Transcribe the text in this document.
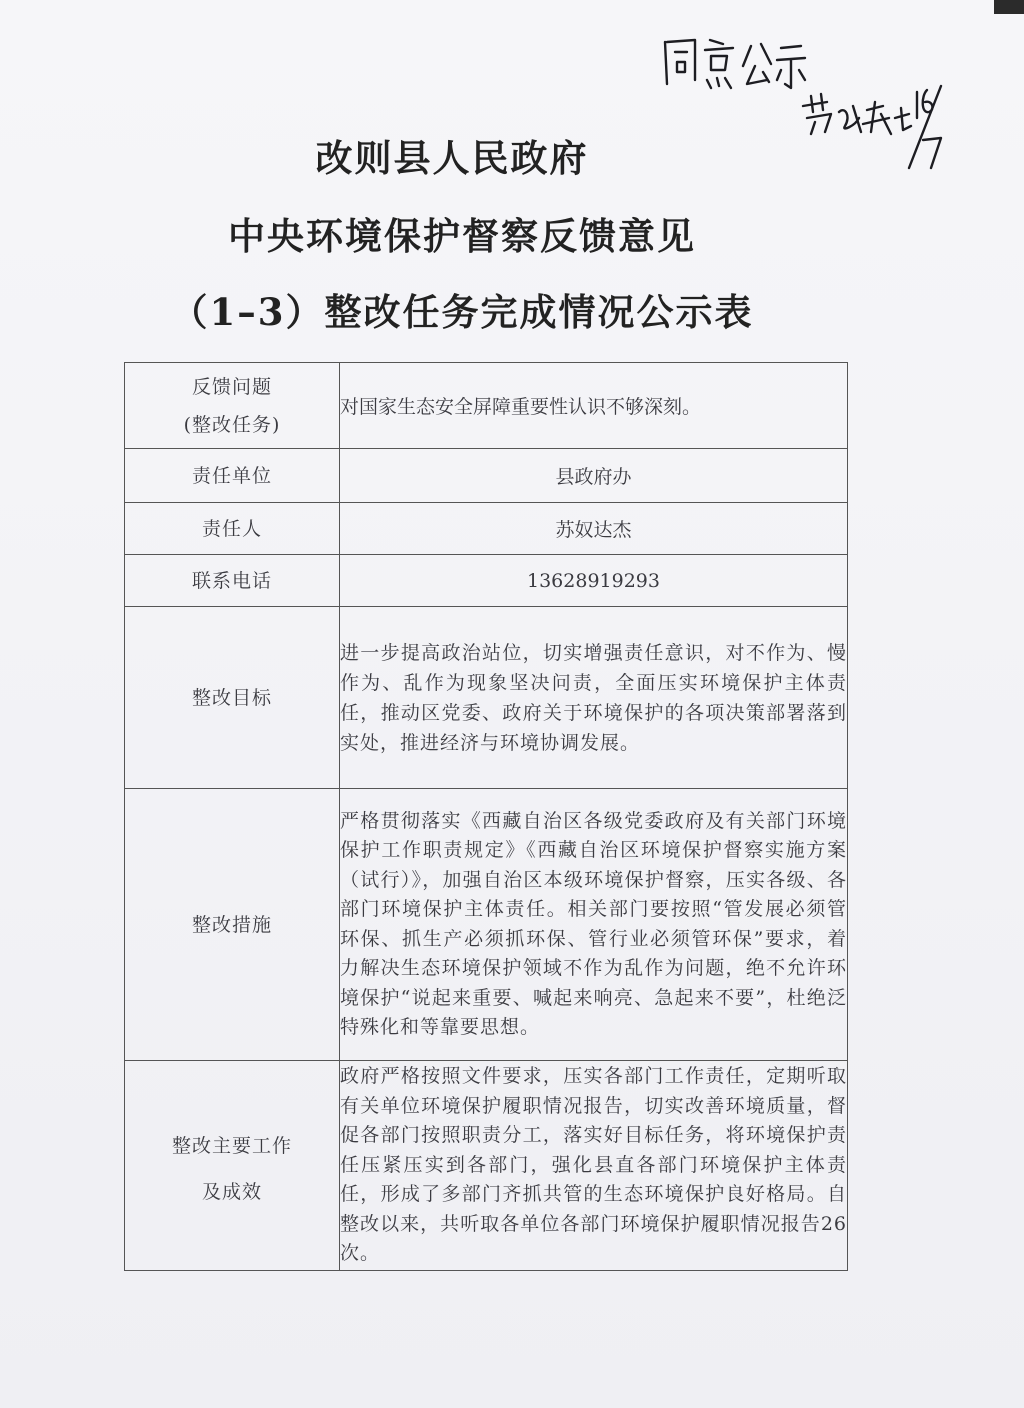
改则县人民政府
中央环境保护督察反馈意见
（1–3）整改任务完成情况公示表
反馈问题
(整改任务)	对国家生态安全屏障重要性认识不够深刻。
责任单位	县政府办
责任人	苏奴达杰
联系电话	13628919293
整改目标	进一步提高政治站位，切实增强责任意识，对不作为、慢作为、乱作为现象坚决问责，全面压实环境保护主体责任，推动区党委、政府关于环境保护的各项决策部署落到实处，推进经济与环境协调发展。

整改措施	严格贯彻落实《西藏自治区各级党委政府及有关部门环境保护工作职责规定》《西藏自治区环境保护督察实施方案（试行）》，加强自治区本级环境保护督察，压实各级、各部门环境保护主体责任。相关部门要按照“管发展必须管环保、抓生产必须抓环保、管行业必须管环保”要求，着力解决生态环境保护领域不作为乱作为问题，绝不允许环境保护“说起来重要、喊起来响亮、急起来不要”，杜绝泛特殊化和等靠要思想。

整改主要工作
及成效	政府严格按照文件要求，压实各部门工作责任，定期听取有关单位环境保护履职情况报告，切实改善环境质量，督促各部门按照职责分工，落实好目标任务，将环境保护责任压紧压实到各部门，强化县直各部门环境保护主体责任，形成了多部门齐抓共管的生态环境保护良好格局。自整改以来，共听取各单位各部门环境保护履职情况报告26次。
